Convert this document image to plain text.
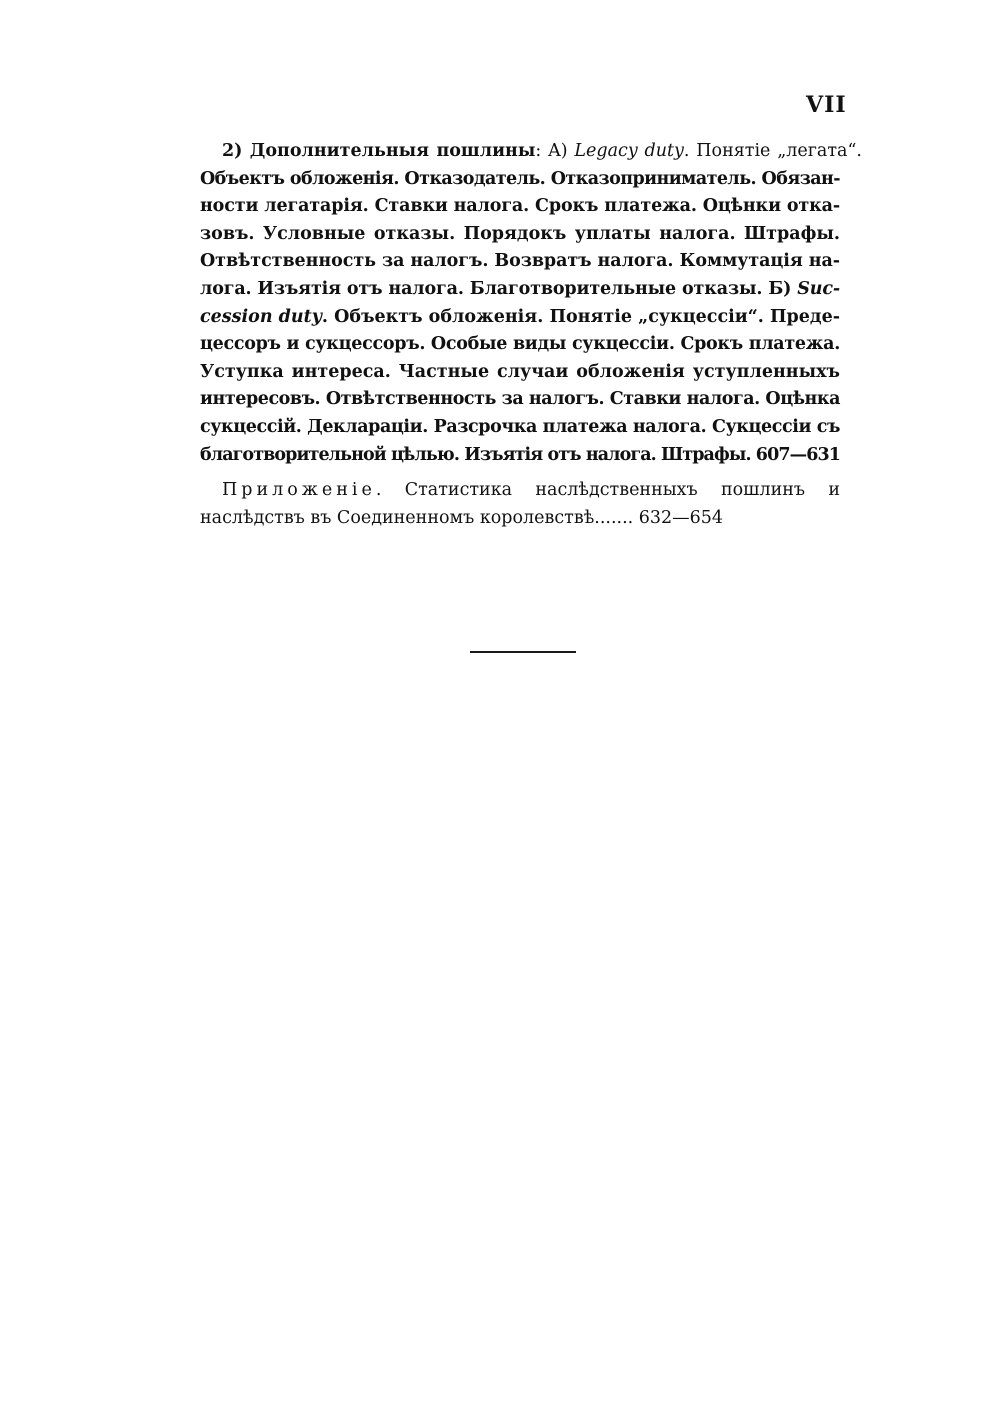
VII

2) Дополнительныя пошлины: A) Legacy duty. Понятіе „легата“.
Объектъ обложенія. Отказодатель. Отказоприниматель. Обязан-
ности легатарія. Ставки налога. Срокъ платежа. Оцѣнки отка-
зовъ. Условные отказы. Порядокъ уплаты налога. Штрафы.
Отвѣтственность за налогъ. Возвратъ налога. Коммутація на-
лога. Изъятія отъ налога. Благотворительные отказы. Б) Suc-
cession duty. Объектъ обложенія. Понятіе „сукцессіи“. Преде-
цессоръ и сукцессоръ. Особые виды сукцессіи. Срокъ платежа.
Уступка интереса. Частные случаи обложенія уступленныхъ
интересовъ. Отвѣтственность за налогъ. Ставки налога. Оцѣнка
сукцессій. Деклараціи. Разсрочка платежа налога. Сукцессіи съ
благотворительной цѣлью. Изъятія отъ налога. Штрафы. 607—631

Приложеніе. Статистика наслѣдственныхъ пошлинъ и
наслѣдствъ въ Соединенномъ королевствѣ....... 632—654
